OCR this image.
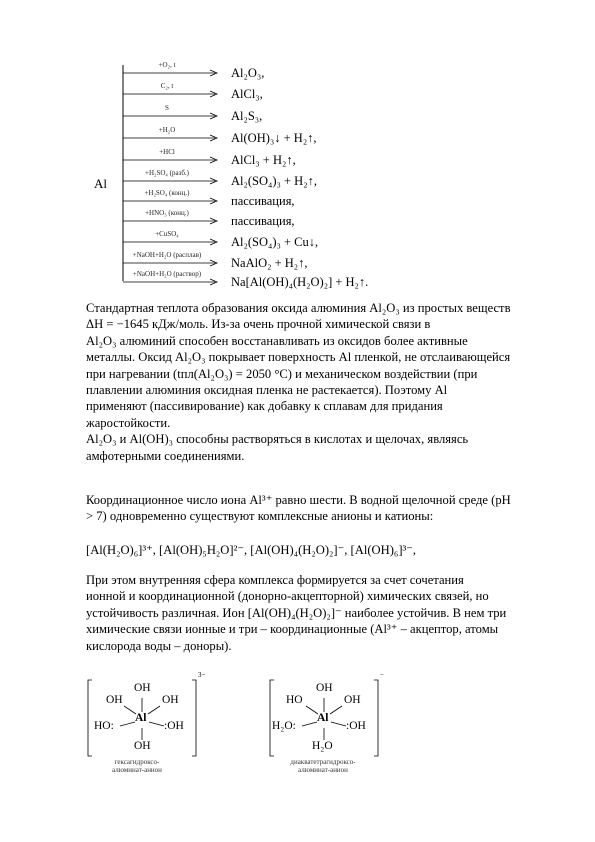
Al
+O₂, t
Al₂O₃,
C₂, t
AlCl₃,
S
Al₂S₃,
+H₂O
Al(OH)₃↓ + H₂↑,
+HCl
AlCl₃ + H₂↑,
+H₂SO₄ (разб.)
Al₂(SO₄)₃ + H₂↑,
+H₂SO₄ (конц.)
пассивация,
+HNO₃ (конц.)
пассивация,
+CuSO₄
Al₂(SO₄)₃ + Cu↓,
+NaOH+H₂O (расплав)
NaAlO₂ + H₂↑,
+NaOH+H₂O (раствор)
Na[Al(OH)₄(H₂O)₂] + H₂↑.
Стандартная теплота образования оксида алюминия Al₂O₃ из простых веществ
ΔH = −1645 кДж/моль. Из-за очень прочной химической связи в
Al₂O₃ алюминий способен восстанавливать из оксидов более активные
металлы. Оксид Al₂O₃ покрывает поверхность Al пленкой, не отслаивающейся
при нагревании (tпл(Al₂O₃) = 2050 °C) и механическом воздействии (при
плавлении алюминия оксидная пленка не растекается). Поэтому Al
применяют (пассивирование) как добавку к сплавам для придания
жаростойкости.
Al₂O₃ и Al(OH)₃ способны растворяться в кислотах и щелочах, являясь
амфотерными соединениями.
Координационное число иона Al³⁺ равно шести. В водной щелочной среде (pH
> 7) одновременно существуют комплексные анионы и катионы:
[Al(H₂O)₆]³⁺, [Al(OH)₅H₂O]²⁻, [Al(OH)₄(H₂O)₂]⁻, [Al(OH)₆]³⁻,
При этом внутренняя сфера комплекса формируется за счет сочетания
ионной и координационной (донорно-акцепторной) химических связей, но
устойчивость различная. Ион [Al(OH)₄(H₂O)₂]⁻ наиболее устойчив. В нем три
химические связи ионные и три – координационные (Al³⁺ – акцептор, атомы
кислорода воды – доноры).
3−
OH
OH	OH
Al
HO:	:OH
OH
гексагидроксо-
алюминат-анион
−
OH
HO	OH
Al
H₂O:	:OH
H₂O
диакватетрагидроксо-
алюминат-анион
